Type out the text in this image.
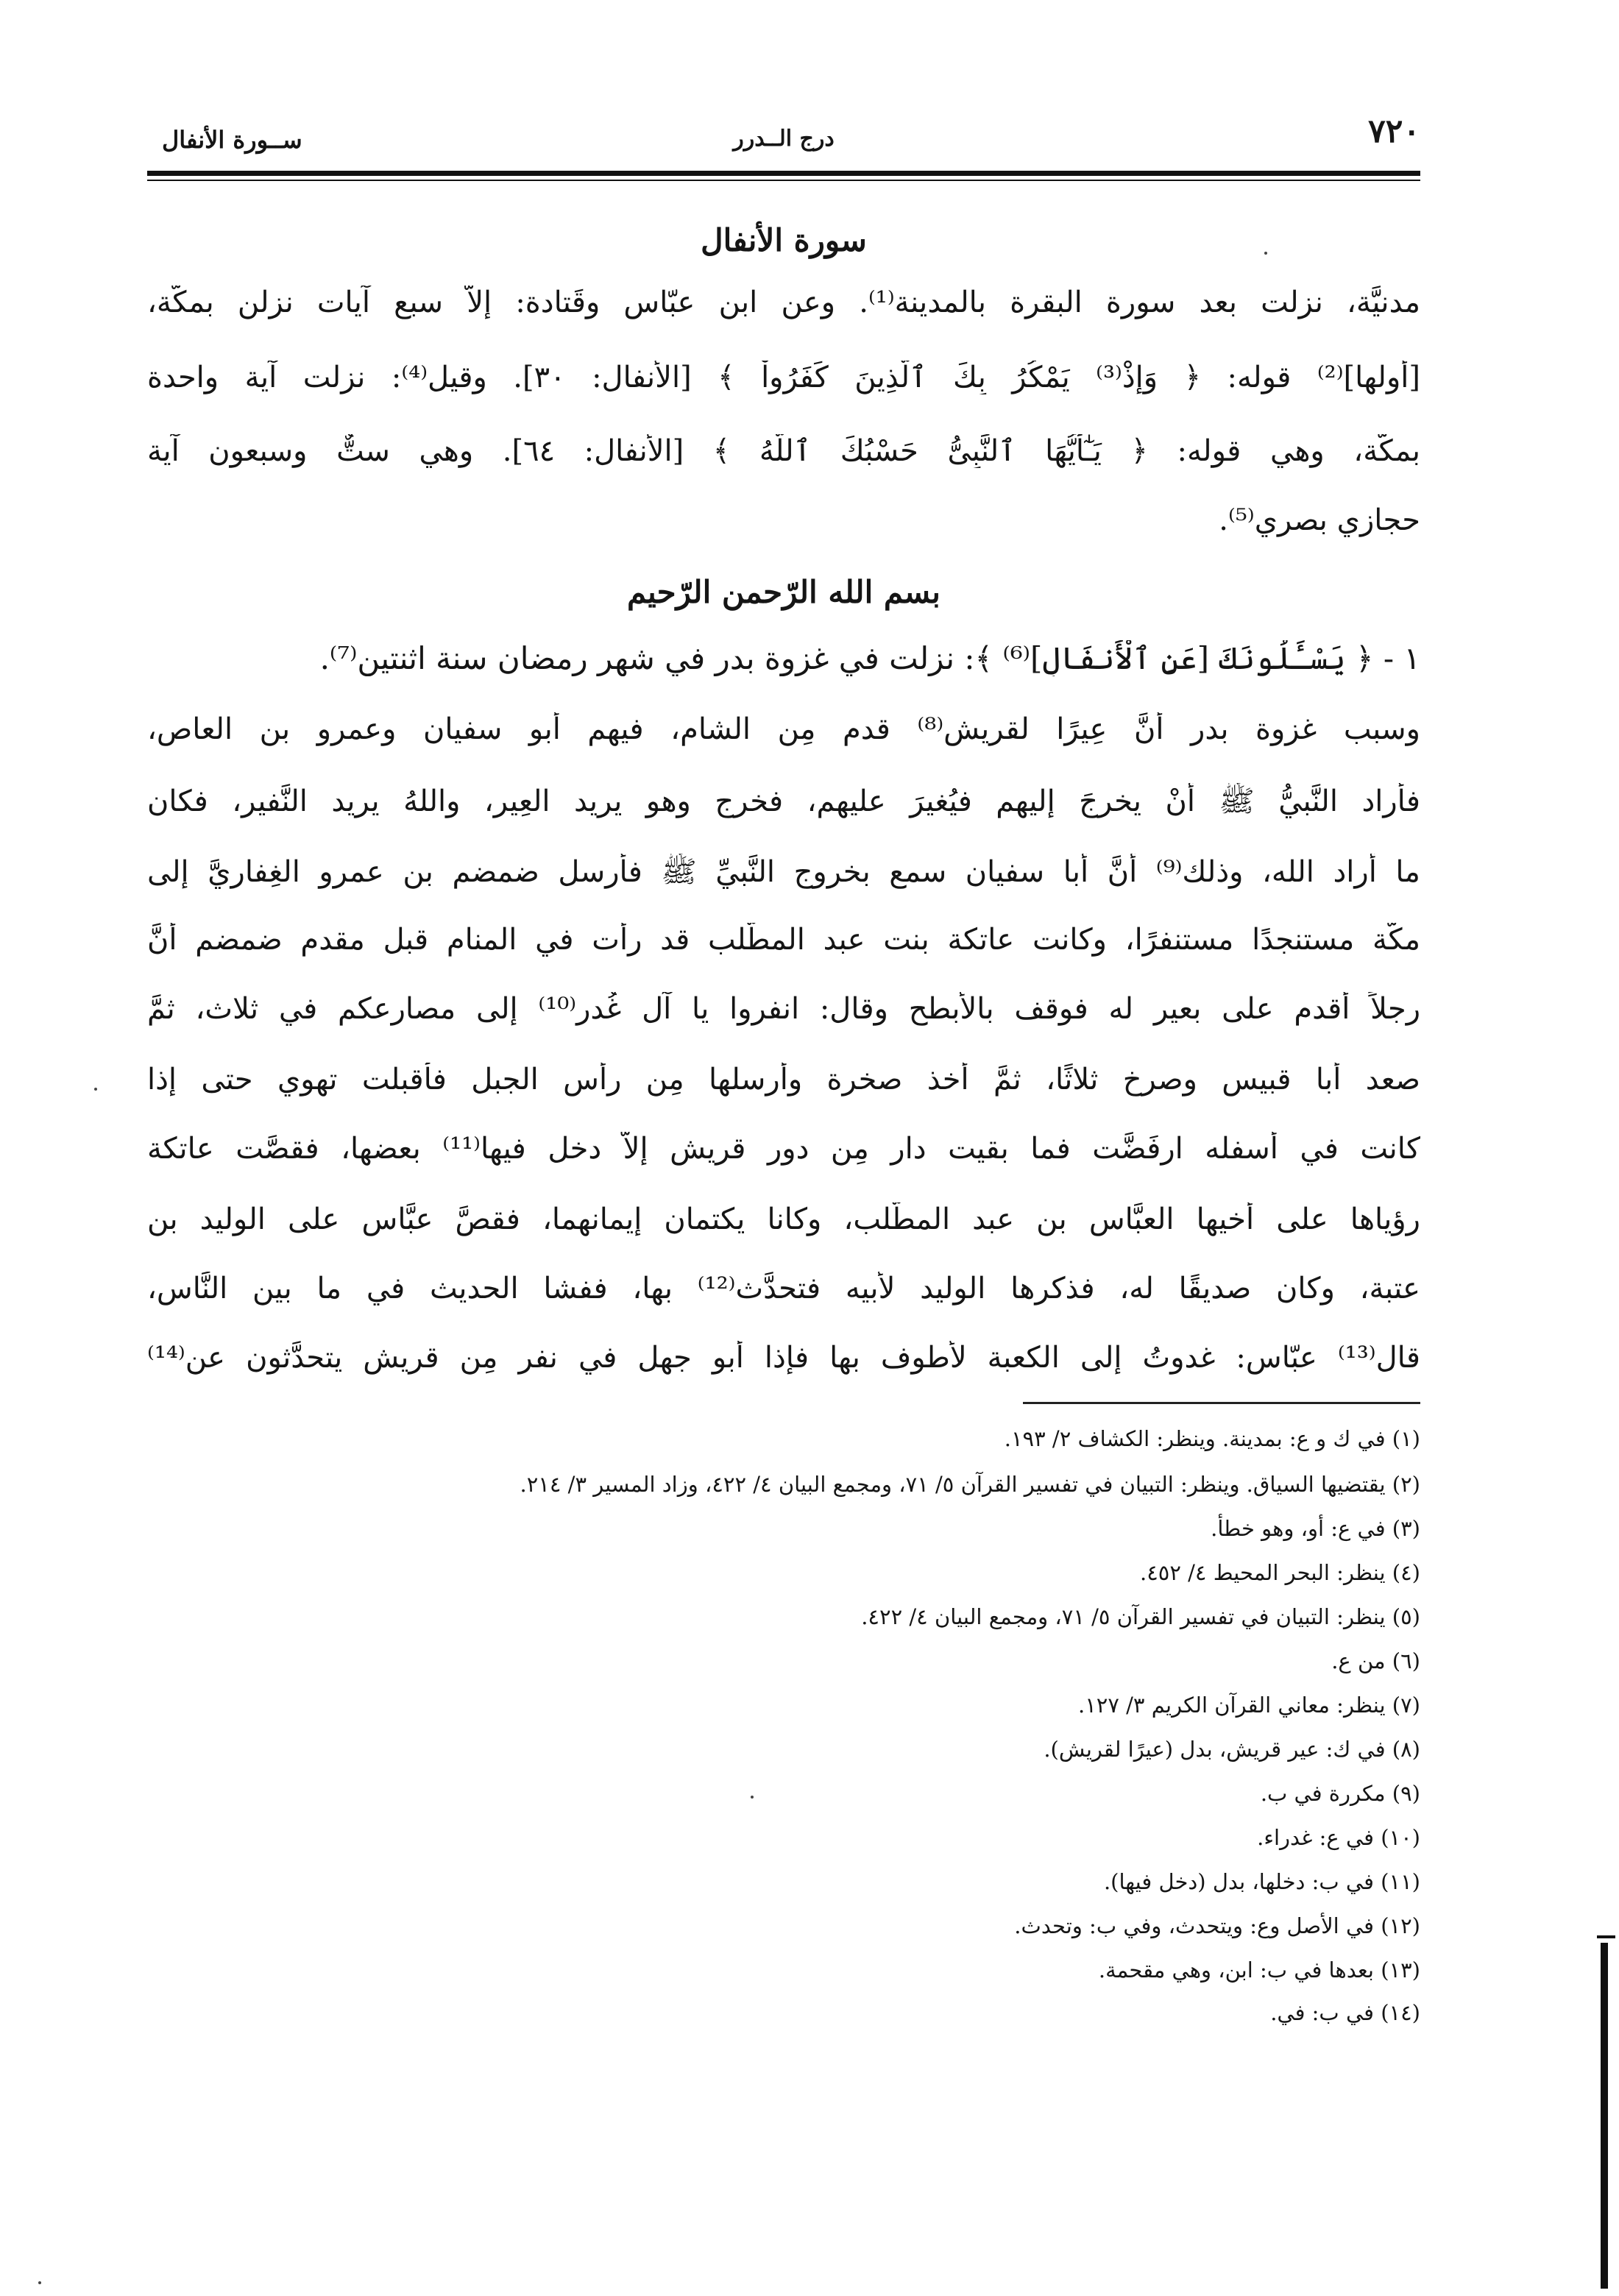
٧٢٠
درج الــدرر
ســورة الأنفال
سورة الأنفال
مدنيَّة، نزلت بعد سورة البقرة بالمدينة⁽¹⁾. وعن ابن عبّاس وقَتادة: إلاّ سبع آيات نزلن بمكّة،
[أولها]⁽²⁾ قوله: ﴿ وَإِذْ⁽³⁾ يَمْكُرُ بِكَ ٱلَّذِينَ كَفَرُواْ ﴾ [الأنفال: ٣٠]. وقيل⁽⁴⁾: نزلت آية واحدة
بمكّة، وهي قوله: ﴿ يَـٰٓأَيُّهَا ٱلنَّبِىُّ حَسْبُكَ ٱللَّهُ ﴾ [الأنفال: ٦٤]. وهي ستٌّ وسبعون آية
حجازي بصري⁽⁵⁾.
بسم الله الرّحمن الرّحيم
١ - ﴿ يَسْـَٔلُونَكَ [عَنِ ٱلْأَنفَالِ]⁽⁶⁾ ﴾: نزلت في غزوة بدر في شهر رمضان سنة اثنتين⁽⁷⁾.
وسبب غزوة بدر أنَّ عِيرًا لقريش⁽⁸⁾ قدم مِن الشام، فيهم أبو سفيان وعمرو بن العاص،
فأراد النَّبيُّ ﷺ أنْ يخرجَ إليهم فيُغيرَ عليهم، فخرج وهو يريد العِير، واللهُ يريد النَّفير، فكان
ما أراد الله، وذلك⁽⁹⁾ أنَّ أبا سفيان سمع بخروج النَّبيِّ ﷺ فأرسل ضمضم بن عمرو الغِفاريَّ إلى
مكّة مستنجدًا مستنفرًا، وكانت عاتكة بنت عبد المطَّلب قد رأت في المنام قبل مقدم ضمضم أنَّ
رجلاً أقدم على بعير له فوقف بالأبطح وقال: انفروا يا آل غُدر⁽¹⁰⁾ إلى مصارعكم في ثلاث، ثمَّ
صعد أبا قبيس وصرخ ثلاثًا، ثمَّ أخذ صخرة وأرسلها مِن رأس الجبل فأقبلت تهوي حتى إذا
كانت في أسفله ارفَضَّت فما بقيت دار مِن دور قريش إلاّ دخل فيها⁽¹¹⁾ بعضها، فقصَّت عاتكة
رؤياها على أخيها العبَّاس بن عبد المطَّلب، وكانا يكتمان إيمانهما، فقصَّ عبَّاس على الوليد بن
عتبة، وكان صديقًا له، فذكرها الوليد لأبيه فتحدَّث⁽¹²⁾ بها، ففشا الحديث في ما بين النَّاس،
قال⁽¹³⁾ عبّاس: غدوتُ إلى الكعبة لأطوف بها فإذا أبو جهل في نفر مِن قريش يتحدَّثون عن⁽¹⁴⁾
(١) في ك و ع: بمدينة. وينظر: الكشاف ٢/ ١٩٣.
(٢) يقتضيها السياق. وينظر: التبيان في تفسير القرآن ٥/ ٧١، ومجمع البيان ٤/ ٤٢٢، وزاد المسير ٣/ ٢١٤.
(٣) في ع: أو، وهو خطأ.
(٤) ينظر: البحر المحيط ٤/ ٤٥٢.
(٥) ينظر: التبيان في تفسير القرآن ٥/ ٧١، ومجمع البيان ٤/ ٤٢٢.
(٦) من ع.
(٧) ينظر: معاني القرآن الكريم ٣/ ١٢٧.
(٨) في ك: عير قريش، بدل (عيرًا لقريش).
(٩) مكررة في ب.
(١٠) في ع: غدراء.
(١١) في ب: دخلها، بدل (دخل فيها).
(١٢) في الأصل وع: ويتحدث، وفي ب: وتحدث.
(١٣) بعدها في ب: ابن، وهي مقحمة.
(١٤) في ب: في.
